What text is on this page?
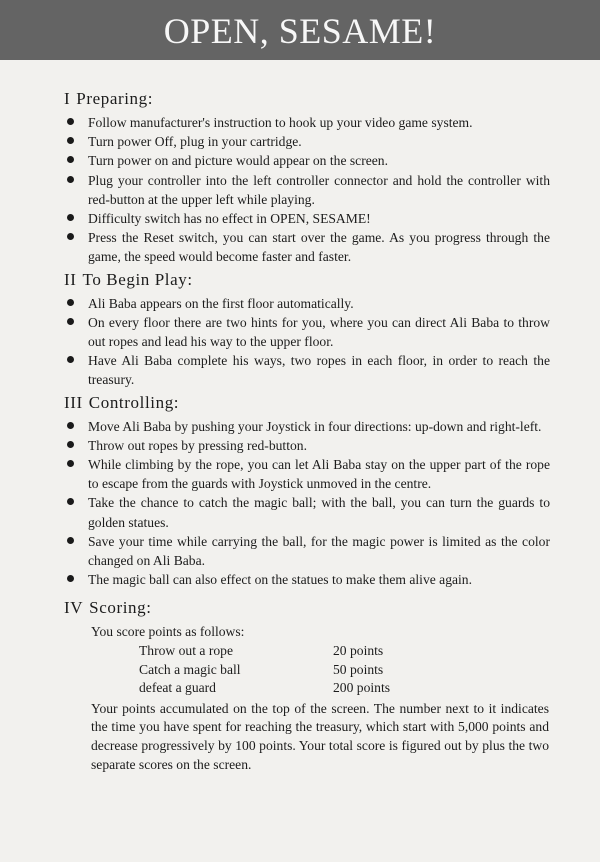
OPEN, SESAME!
I Preparing:
Follow manufacturer's instruction to hook up your video game system.
Turn power Off, plug in your cartridge.
Turn power on and picture would appear on the screen.
Plug your controller into the left controller connector and hold the controller with red-button at the upper left while playing.
Difficulty switch has no effect in OPEN, SESAME!
Press the Reset switch, you can start over the game. As you progress through the game, the speed would become faster and faster.
II To Begin Play:
Ali Baba appears on the first floor automatically.
On every floor there are two hints for you, where you can direct Ali Baba to throw out ropes and lead his way to the upper floor.
Have Ali Baba complete his ways, two ropes in each floor, in order to reach the treasury.
III Controlling:
Move Ali Baba by pushing your Joystick in four directions: up-down and right-left.
Throw out ropes by pressing red-button.
While climbing by the rope, you can let Ali Baba stay on the upper part of the rope to escape from the guards with Joystick unmoved in the centre.
Take the chance to catch the magic ball; with the ball, you can turn the guards to golden statues.
Save your time while carrying the ball, for the magic power is limited as the color changed on Ali Baba.
The magic ball can also effect on the statues to make them alive again.
IV Scoring:
You score points as follows:
Throw out a rope	20 points
Catch a magic ball	50 points
defeat a guard	200 points
Your points accumulated on the top of the screen. The number next to it indicates the time you have spent for reaching the treasury, which start with 5,000 points and decrease progressively by 100 points. Your total score is figured out by plus the two separate scores on the screen.
